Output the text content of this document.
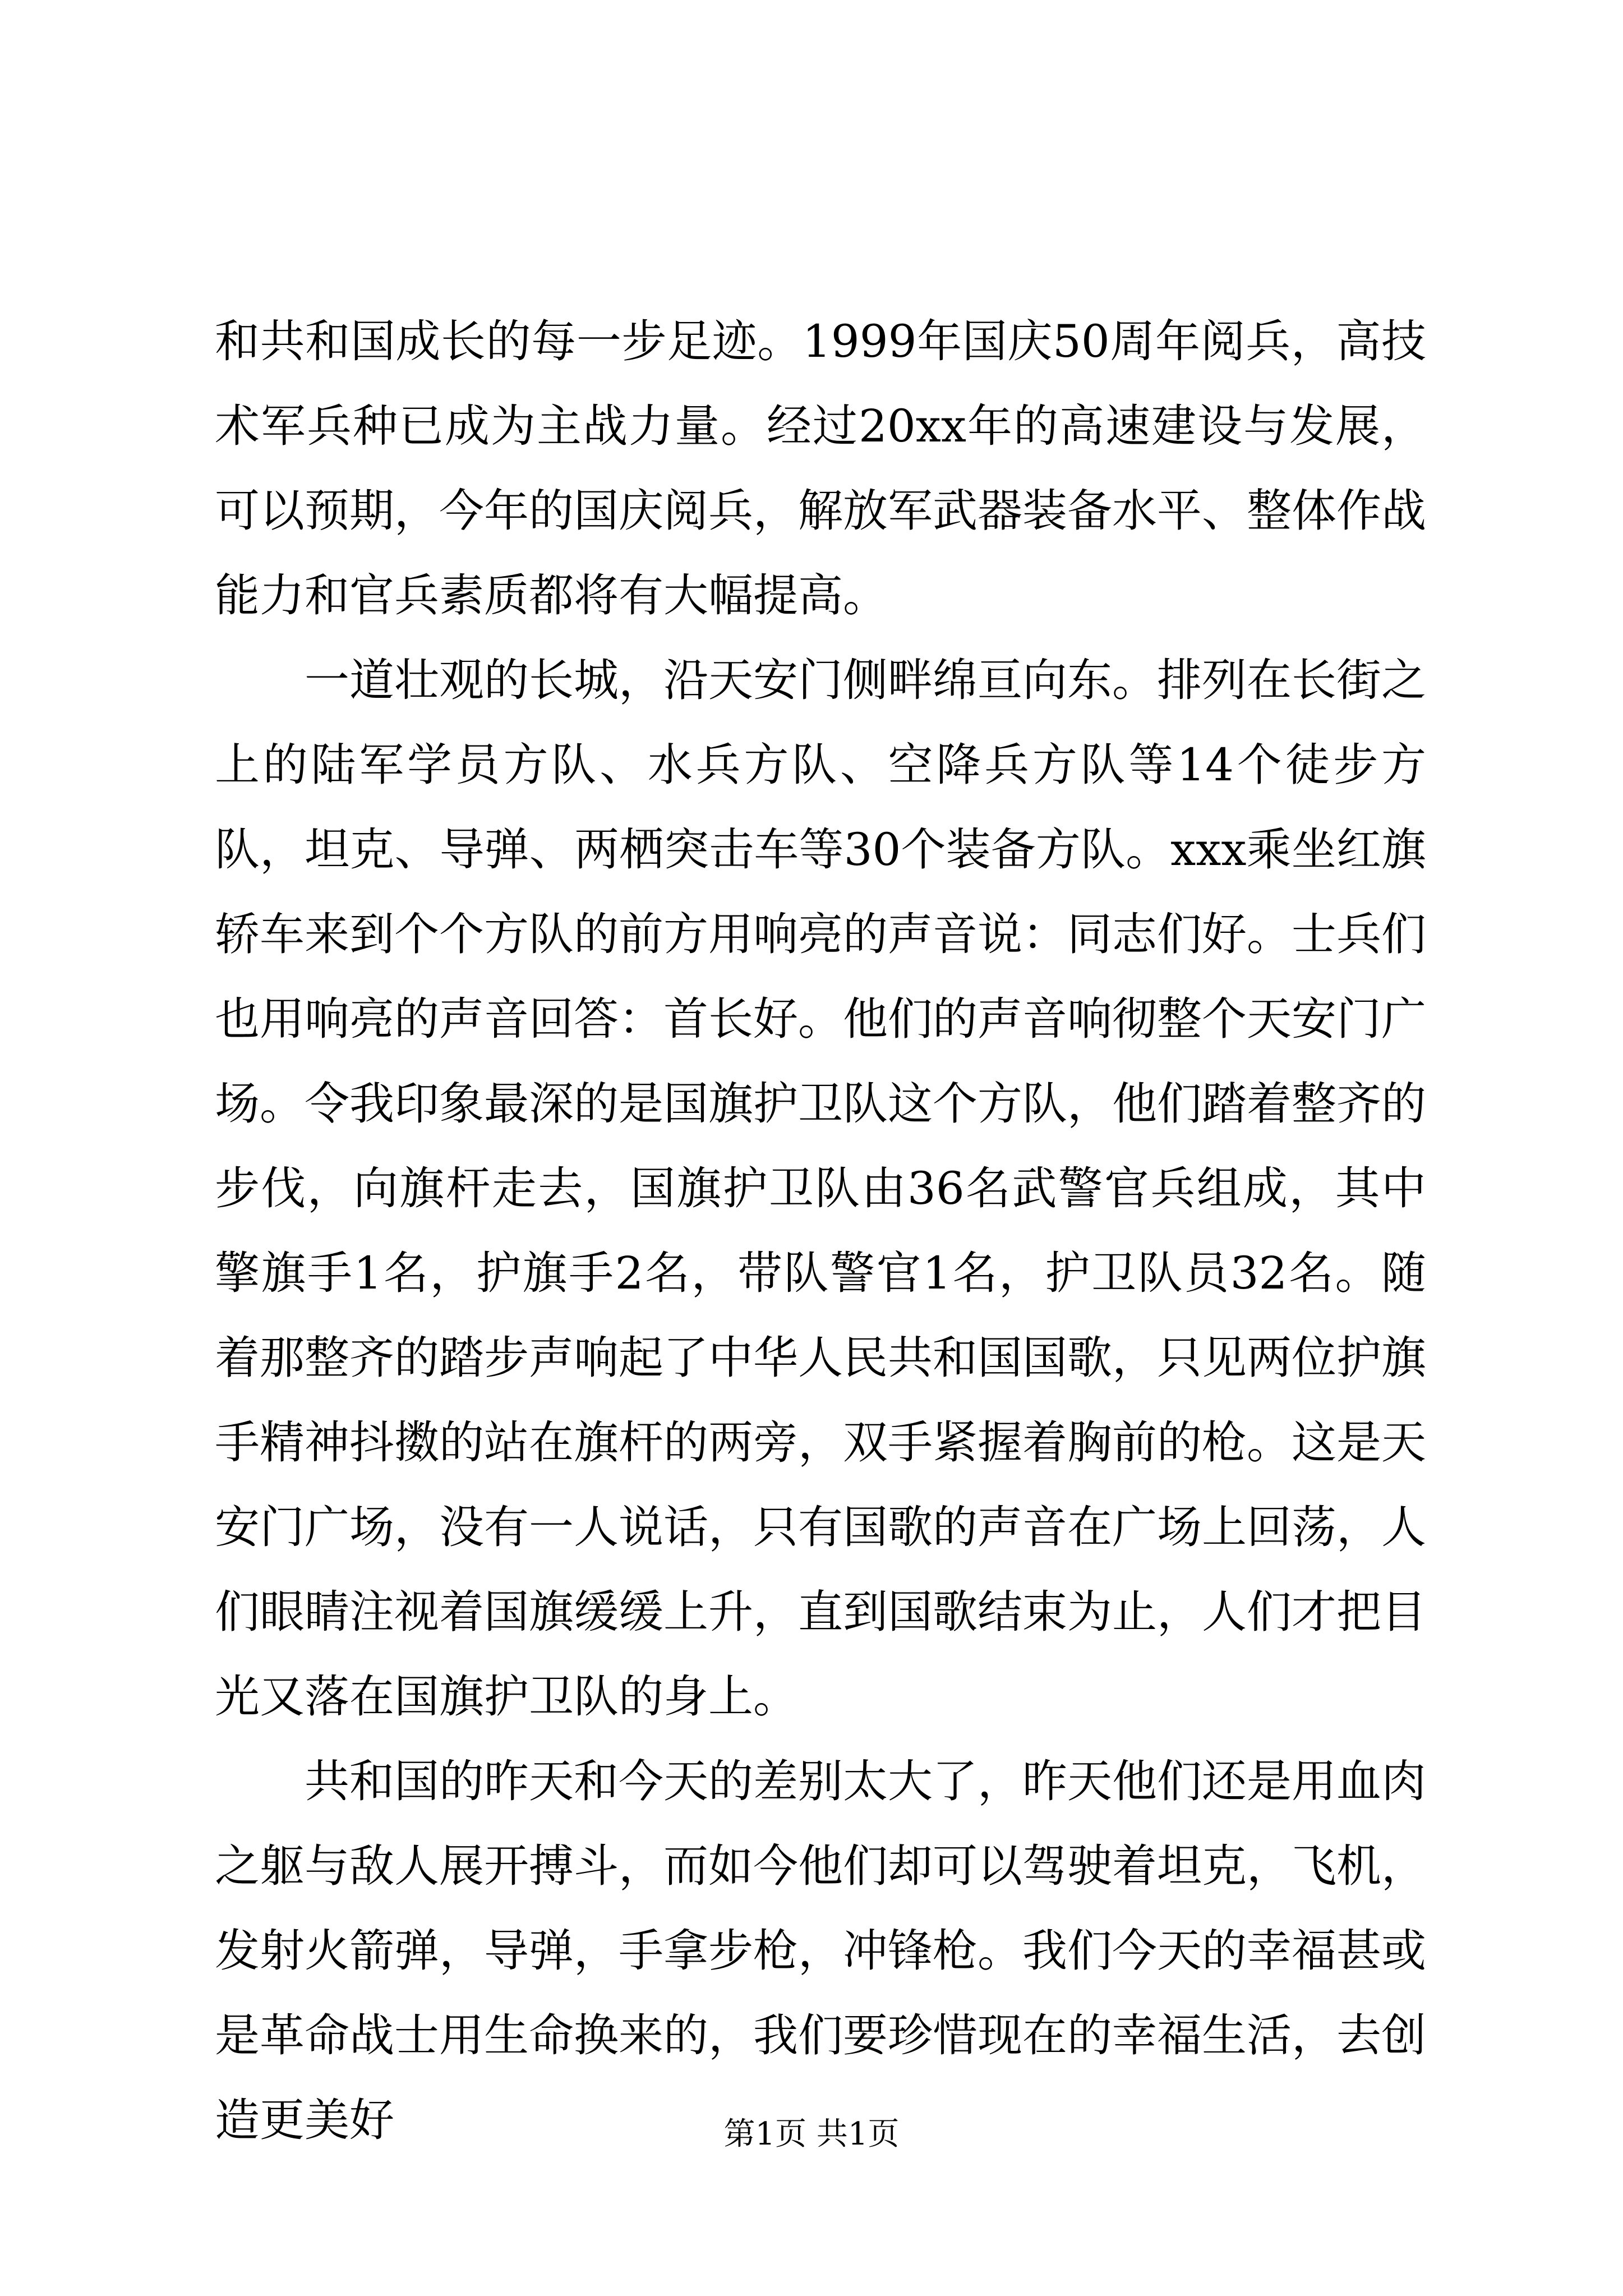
和共和国成长的每一步足迹。1999年国庆50周年阅兵，高技术军兵种已成为主战力量。经过20xx年的高速建设与发展，可以预期，今年的国庆阅兵，解放军武器装备水平、整体作战能力和官兵素质都将有大幅提高。

一道壮观的长城，沿天安门侧畔绵亘向东。排列在长街之上的陆军学员方队、水兵方队、空降兵方队等14个徒步方队，坦克、导弹、两栖突击车等30个装备方队。xxx乘坐红旗轿车来到个个方队的前方用响亮的声音说：同志们好。士兵们也用响亮的声音回答：首长好。他们的声音响彻整个天安门广场。令我印象最深的是国旗护卫队这个方队，他们踏着整齐的步伐，向旗杆走去，国旗护卫队由36名武警官兵组成，其中擎旗手1名，护旗手2名，带队警官1名，护卫队员32名。随着那整齐的踏步声响起了中华人民共和国国歌，只见两位护旗手精神抖擞的站在旗杆的两旁，双手紧握着胸前的枪。这是天安门广场，没有一人说话，只有国歌的声音在广场上回荡，人们眼睛注视着国旗缓缓上升，直到国歌结束为止，人们才把目光又落在国旗护卫队的身上。

共和国的昨天和今天的差别太大了，昨天他们还是用血肉之躯与敌人展开搏斗，而如今他们却可以驾驶着坦克，飞机，发射火箭弹，导弹，手拿步枪，冲锋枪。我们今天的幸福甚或是革命战士用生命换来的，我们要珍惜现在的幸福生活，去创造更美好	第1页 共1页
